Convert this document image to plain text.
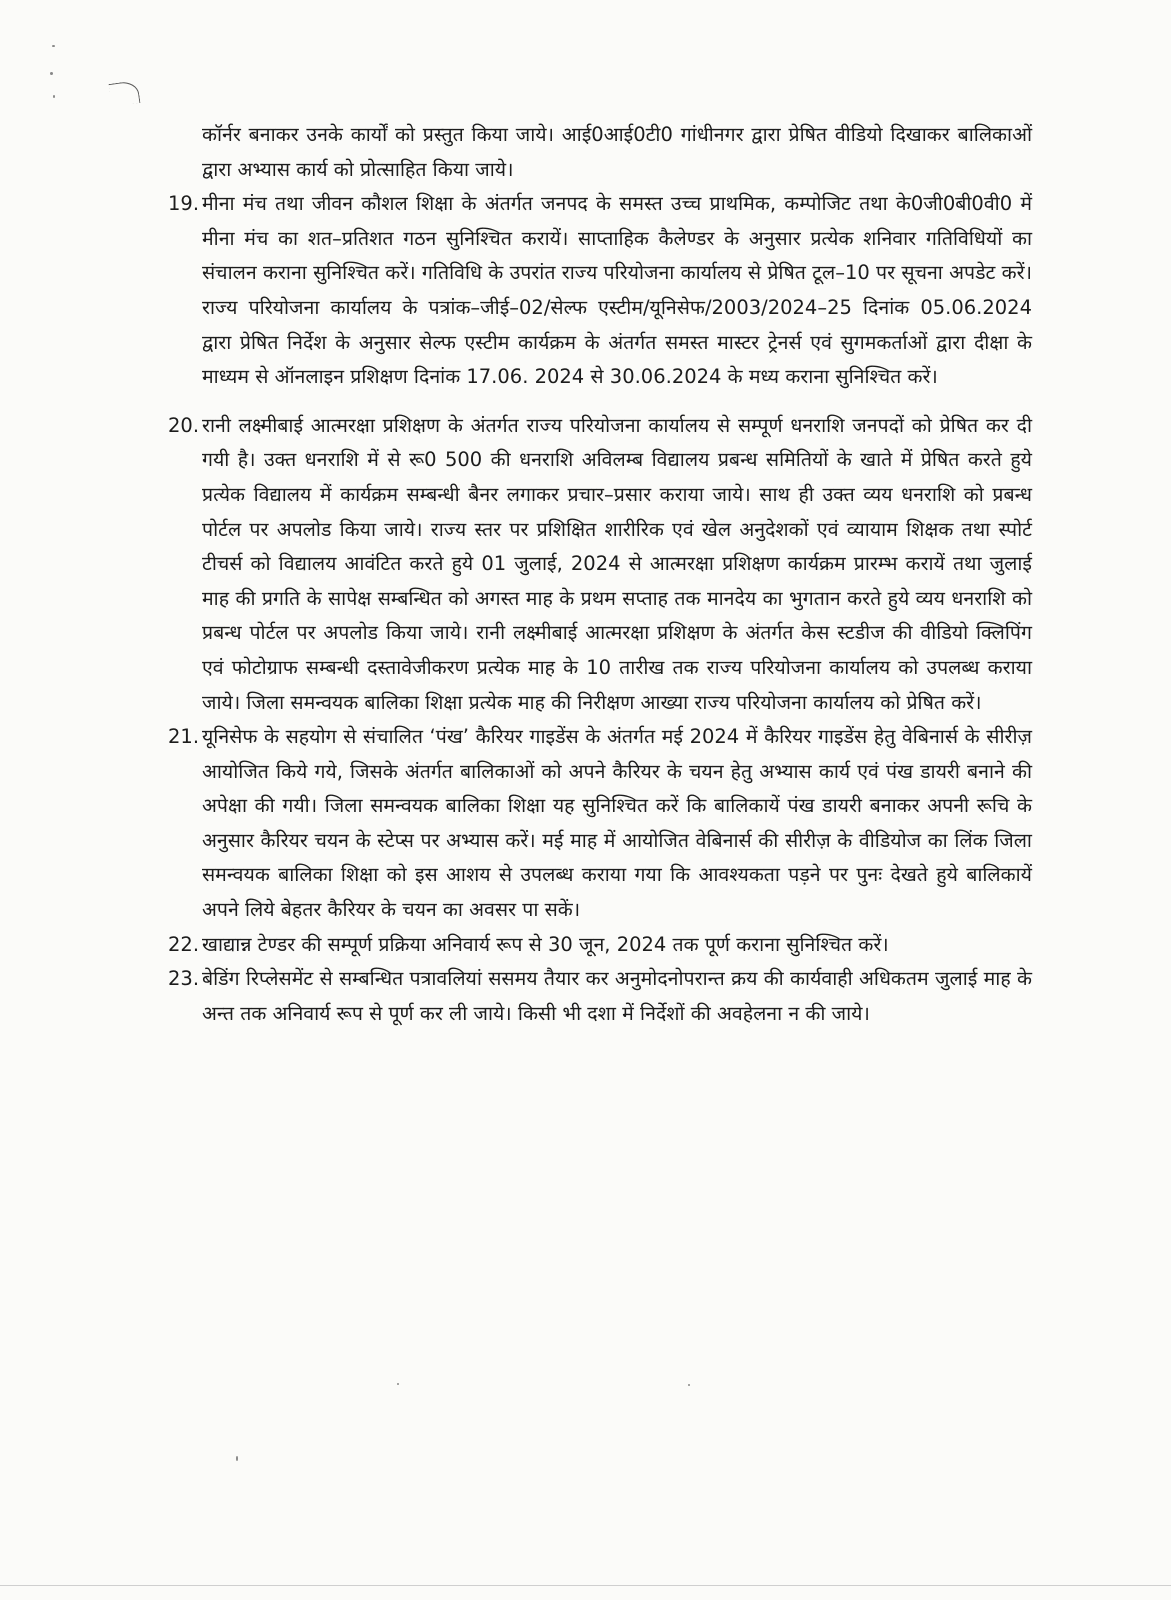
कॉर्नर बनाकर उनके कार्यों को प्रस्तुत किया जाये। आई0आई0टी0 गांधीनगर द्वारा प्रेषित वीडियो दिखाकर बालिकाओं द्वारा अभ्यास कार्य को प्रोत्साहित किया जाये।

19. मीना मंच तथा जीवन कौशल शिक्षा के अंतर्गत जनपद के समस्त उच्च प्राथमिक, कम्पोजिट तथा के0जी0बी0वी0 में मीना मंच का शत–प्रतिशत गठन सुनिश्चित करायें। साप्ताहिक कैलेण्डर के अनुसार प्रत्येक शनिवार गतिविधियों का संचालन कराना सुनिश्चित करें। गतिविधि के उपरांत राज्य परियोजना कार्यालय से प्रेषित टूल–10 पर सूचना अपडेट करें। राज्य परियोजना कार्यालय के पत्रांक–जीई–02/सेल्फ एस्टीम/यूनिसेफ/2003/2024–25 दिनांक 05.06.2024 द्वारा प्रेषित निर्देश के अनुसार सेल्फ एस्टीम कार्यक्रम के अंतर्गत समस्त मास्टर ट्रेनर्स एवं सुगमकर्ताओं द्वारा दीक्षा के माध्यम से ऑनलाइन प्रशिक्षण दिनांक 17.06. 2024 से 30.06.2024 के मध्य कराना सुनिश्चित करें।
20. रानी लक्ष्मीबाई आत्मरक्षा प्रशिक्षण के अंतर्गत राज्य परियोजना कार्यालय से सम्पूर्ण धनराशि जनपदों को प्रेषित कर दी गयी है। उक्त धनराशि में से रू0 500 की धनराशि अविलम्ब विद्यालय प्रबन्ध समितियों के खाते में प्रेषित करते हुये प्रत्येक विद्यालय में कार्यक्रम सम्बन्धी बैनर लगाकर प्रचार–प्रसार कराया जाये। साथ ही उक्त व्यय धनराशि को प्रबन्ध पोर्टल पर अपलोड किया जाये। राज्य स्तर पर प्रशिक्षित शारीरिक एवं खेल अनुदेशकों एवं व्यायाम शिक्षक तथा स्पोर्ट टीचर्स को विद्यालय आवंटित करते हुये 01 जुलाई, 2024 से आत्मरक्षा प्रशिक्षण कार्यक्रम प्रारम्भ करायें तथा जुलाई माह की प्रगति के सापेक्ष सम्बन्धित को अगस्त माह के प्रथम सप्ताह तक मानदेय का भुगतान करते हुये व्यय धनराशि को प्रबन्ध पोर्टल पर अपलोड किया जाये। रानी लक्ष्मीबाई आत्मरक्षा प्रशिक्षण के अंतर्गत केस स्टडीज की वीडियो क्लिपिंग एवं फोटोग्राफ सम्बन्धी दस्तावेजीकरण प्रत्येक माह के 10 तारीख तक राज्य परियोजना कार्यालय को उपलब्ध कराया जाये। जिला समन्वयक बालिका शिक्षा प्रत्येक माह की निरीक्षण आख्या राज्य परियोजना कार्यालय को प्रेषित करें।
21. यूनिसेफ के सहयोग से संचालित ‘पंख’ कैरियर गाइडेंस के अंतर्गत मई 2024 में कैरियर गाइडेंस हेतु वेबिनार्स के सीरीज़ आयोजित किये गये, जिसके अंतर्गत बालिकाओं को अपने कैरियर के चयन हेतु अभ्यास कार्य एवं पंख डायरी बनाने की अपेक्षा की गयी। जिला समन्वयक बालिका शिक्षा यह सुनिश्चित करें कि बालिकायें पंख डायरी बनाकर अपनी रूचि के अनुसार कैरियर चयन के स्टेप्स पर अभ्यास करें। मई माह में आयोजित वेबिनार्स की सीरीज़ के वीडियोज का लिंक जिला समन्वयक बालिका शिक्षा को इस आशय से उपलब्ध कराया गया कि आवश्यकता पड़ने पर पुनः देखते हुये बालिकायें अपने लिये बेहतर कैरियर के चयन का अवसर पा सकें।
22. खाद्यान्न टेण्डर की सम्पूर्ण प्रक्रिया अनिवार्य रूप से 30 जून, 2024 तक पूर्ण कराना सुनिश्चित करें।
23. बेडिंग रिप्लेसमेंट से सम्बन्धित पत्रावलियां ससमय तैयार कर अनुमोदनोपरान्त क्रय की कार्यवाही अधिकतम जुलाई माह के अन्त तक अनिवार्य रूप से पूर्ण कर ली जाये। किसी भी दशा में निर्देशों की अवहेलना न की जाये।
